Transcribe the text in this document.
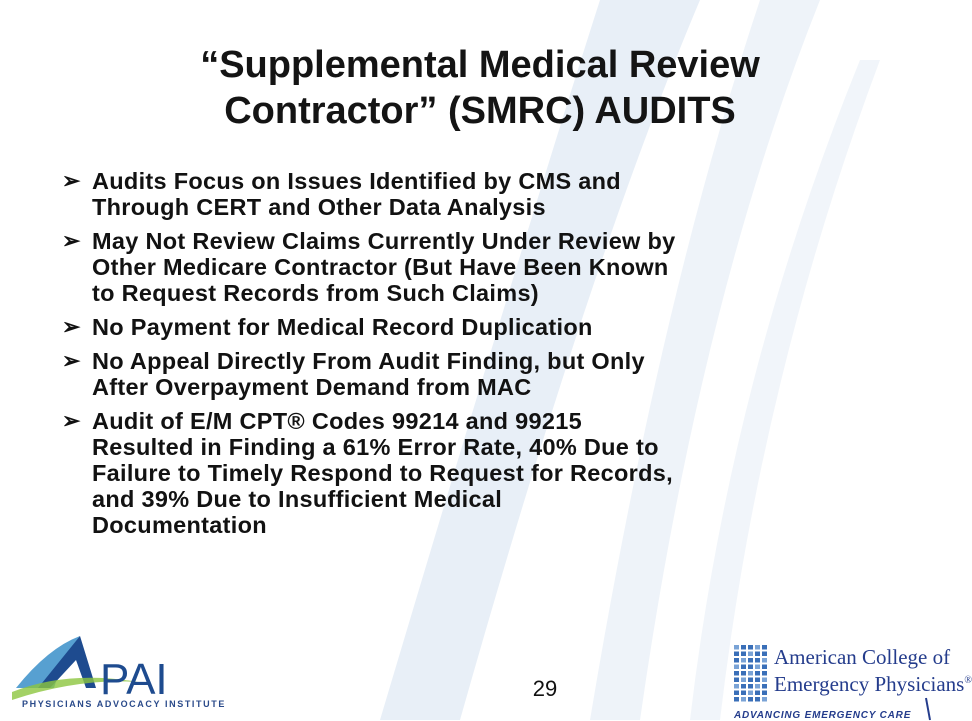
“Supplemental Medical Review
Contractor” (SMRC) AUDITS
➢ Audits Focus on Issues Identified by CMS and
Through CERT and Other Data Analysis
➢ May Not Review Claims Currently Under Review by
Other Medicare Contractor (But Have Been Known
to Request Records from Such Claims)
➢ No Payment for Medical Record Duplication
➢ No Appeal Directly From Audit Finding, but Only
After Overpayment Demand from MAC
➢ Audit of E/M CPT® Codes 99214 and 99215
Resulted in Finding a 61% Error Rate, 40% Due to
Failure to Timely Respond to Request for Records,
and 39% Due to Insufficient Medical
Documentation
29
PAI
PHYSICIANS ADVOCACY INSTITUTE
American College of
Emergency Physicians®
ADVANCING EMERGENCY CARE
